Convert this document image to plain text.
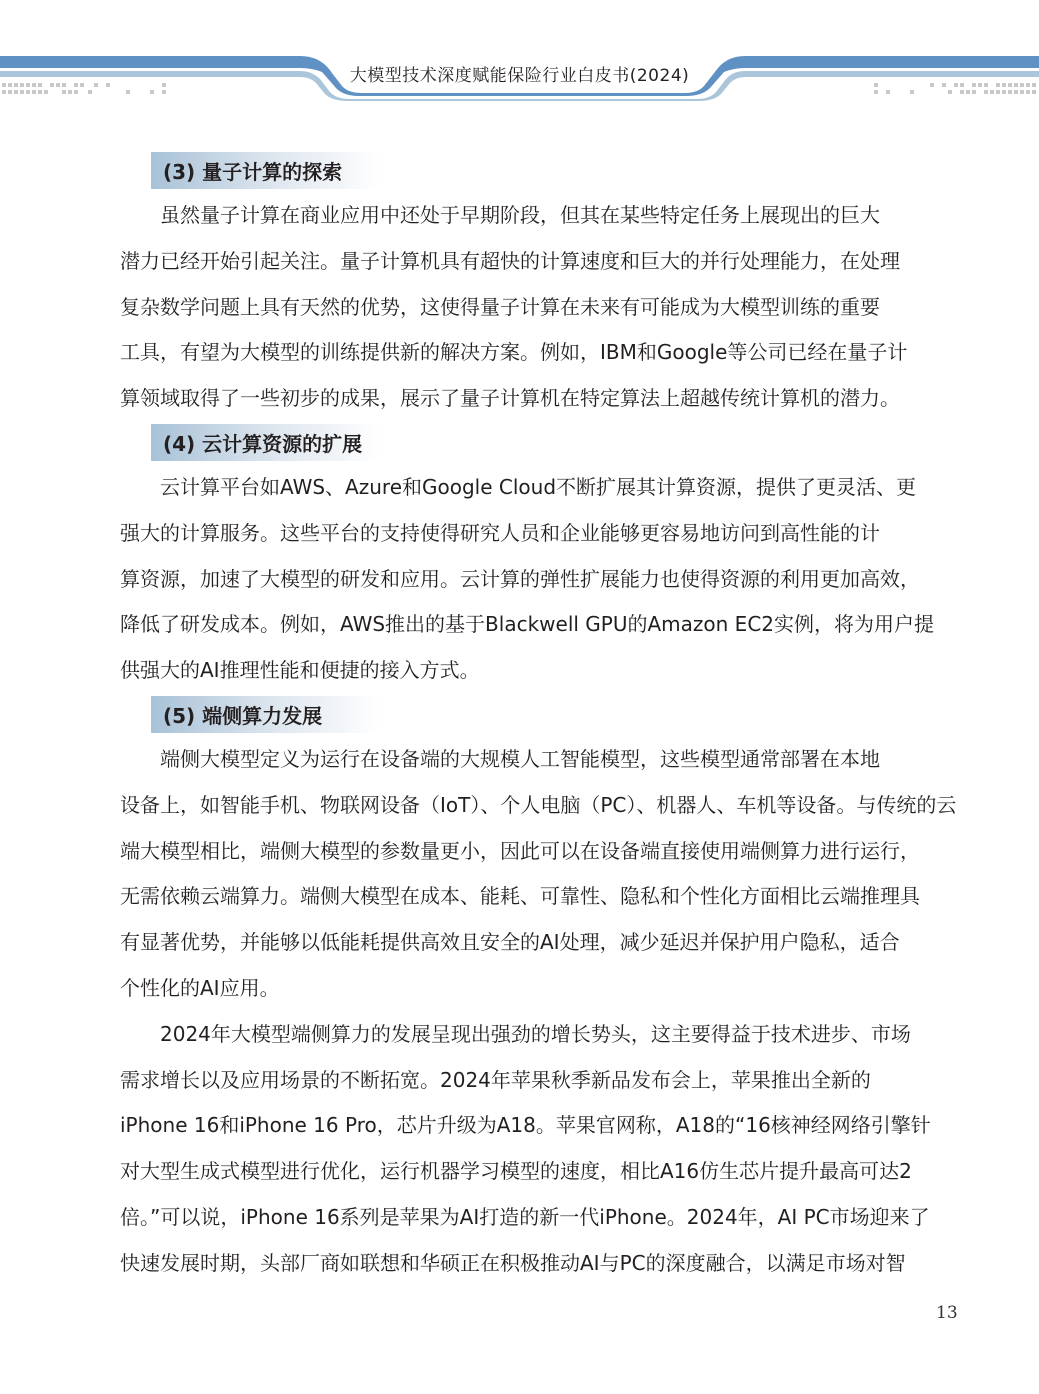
大模型技术深度赋能保险行业白皮书(2024)
(3) 量子计算的探索

虽然量子计算在商业应用中还处于早期阶段，但其在某些特定任务上展现出的巨大

潜力已经开始引起关注。量子计算机具有超快的计算速度和巨大的并行处理能力，在处理

复杂数学问题上具有天然的优势，这使得量子计算在未来有可能成为大模型训练的重要

工具，有望为大模型的训练提供新的解决方案。例如，IBM和Google等公司已经在量子计

算领域取得了一些初步的成果，展示了量子计算机在特定算法上超越传统计算机的潜力。

(4) 云计算资源的扩展

云计算平台如AWS、Azure和Google Cloud不断扩展其计算资源，提供了更灵活、更

强大的计算服务。这些平台的支持使得研究人员和企业能够更容易地访问到高性能的计

算资源，加速了大模型的研发和应用。云计算的弹性扩展能力也使得资源的利用更加高效，

降低了研发成本。例如，AWS推出的基于Blackwell GPU的Amazon EC2实例，将为用户提

供强大的AI推理性能和便捷的接入方式。

(5) 端侧算力发展

端侧大模型定义为运行在设备端的大规模人工智能模型，这些模型通常部署在本地

设备上，如智能手机、物联网设备（IoT）、个人电脑（PC）、机器人、车机等设备。与传统的云

端大模型相比，端侧大模型的参数量更小，因此可以在设备端直接使用端侧算力进行运行，

无需依赖云端算力。端侧大模型在成本、能耗、可靠性、隐私和个性化方面相比云端推理具

有显著优势，并能够以低能耗提供高效且安全的AI处理，减少延迟并保护用户隐私，适合

个性化的AI应用。

2024年大模型端侧算力的发展呈现出强劲的增长势头，这主要得益于技术进步、市场

需求增长以及应用场景的不断拓宽。2024年苹果秋季新品发布会上，苹果推出全新的

iPhone 16和iPhone 16 Pro，芯片升级为A18。苹果官网称，A18的“16核神经网络引擎针

对大型生成式模型进行优化，运行机器学习模型的速度，相比A16仿生芯片提升最高可达2

倍。”可以说，iPhone 16系列是苹果为AI打造的新一代iPhone。2024年，AI PC市场迎来了

快速发展时期，头部厂商如联想和华硕正在积极推动AI与PC的深度融合，以满足市场对智

13
